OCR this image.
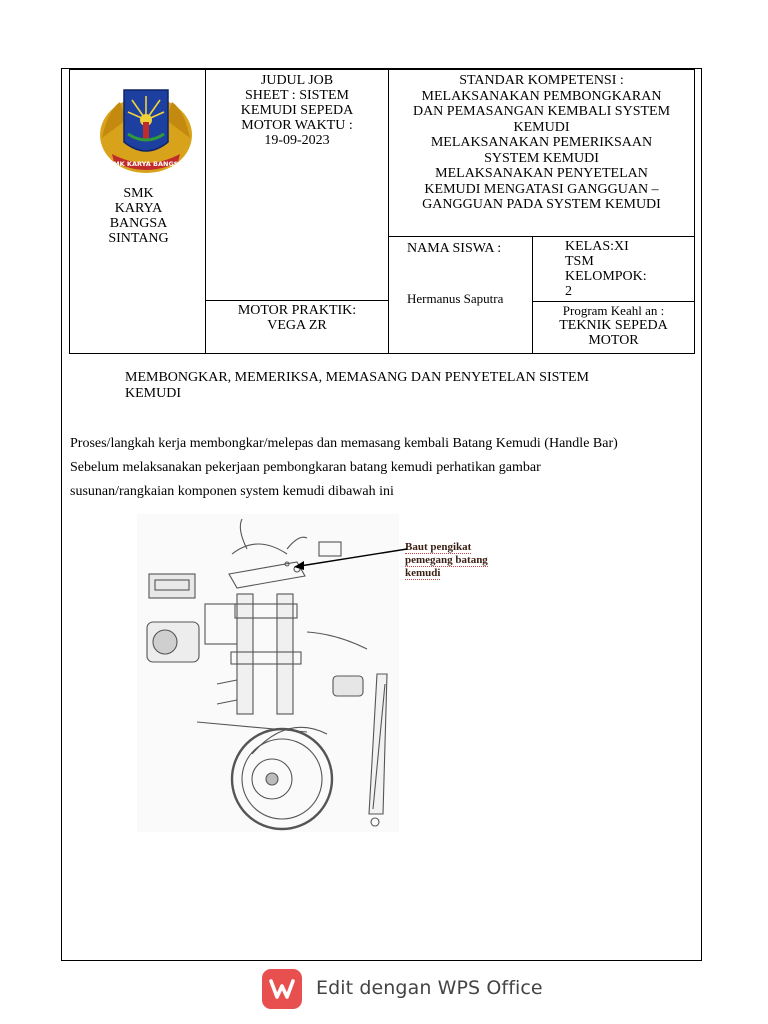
SMK KARYA BANGSA
SMK
KARYA
BANGSA
SINTANG
JUDUL JOB
SHEET : SISTEM
KEMUDI SEPEDA
MOTOR WAKTU :
19-09-2023
MOTOR PRAKTIK:
VEGA ZR
STANDAR KOMPETENSI :
MELAKSANAKAN PEMBONGKARAN
DAN PEMASANGAN KEMBALI SYSTEM
KEMUDI
MELAKSANAKAN PEMERIKSAAN
SYSTEM KEMUDI
MELAKSANAKAN PENYETELAN
KEMUDI MENGATASI GANGGUAN –
GANGGUAN PADA SYSTEM KEMUDI
NAMA SISWA :
Hermanus Saputra
KELAS:XI
TSM
KELOMPOK:
2
Program Keahl an :
TEKNIK SEPEDA
MOTOR
MEMBONGKAR, MEMERIKSA, MEMASANG DAN PENYETELAN SISTEM
KEMUDI
Proses/langkah kerja membongkar/melepas dan memasang kembali Batang Kemudi (Handle Bar)
Sebelum melaksanakan pekerjaan pembongkaran batang kemudi perhatikan gambar
susunan/rangkaian komponen system kemudi dibawah ini
Baut pengikat
pemegang batang
kemudi
Edit dengan WPS Office
